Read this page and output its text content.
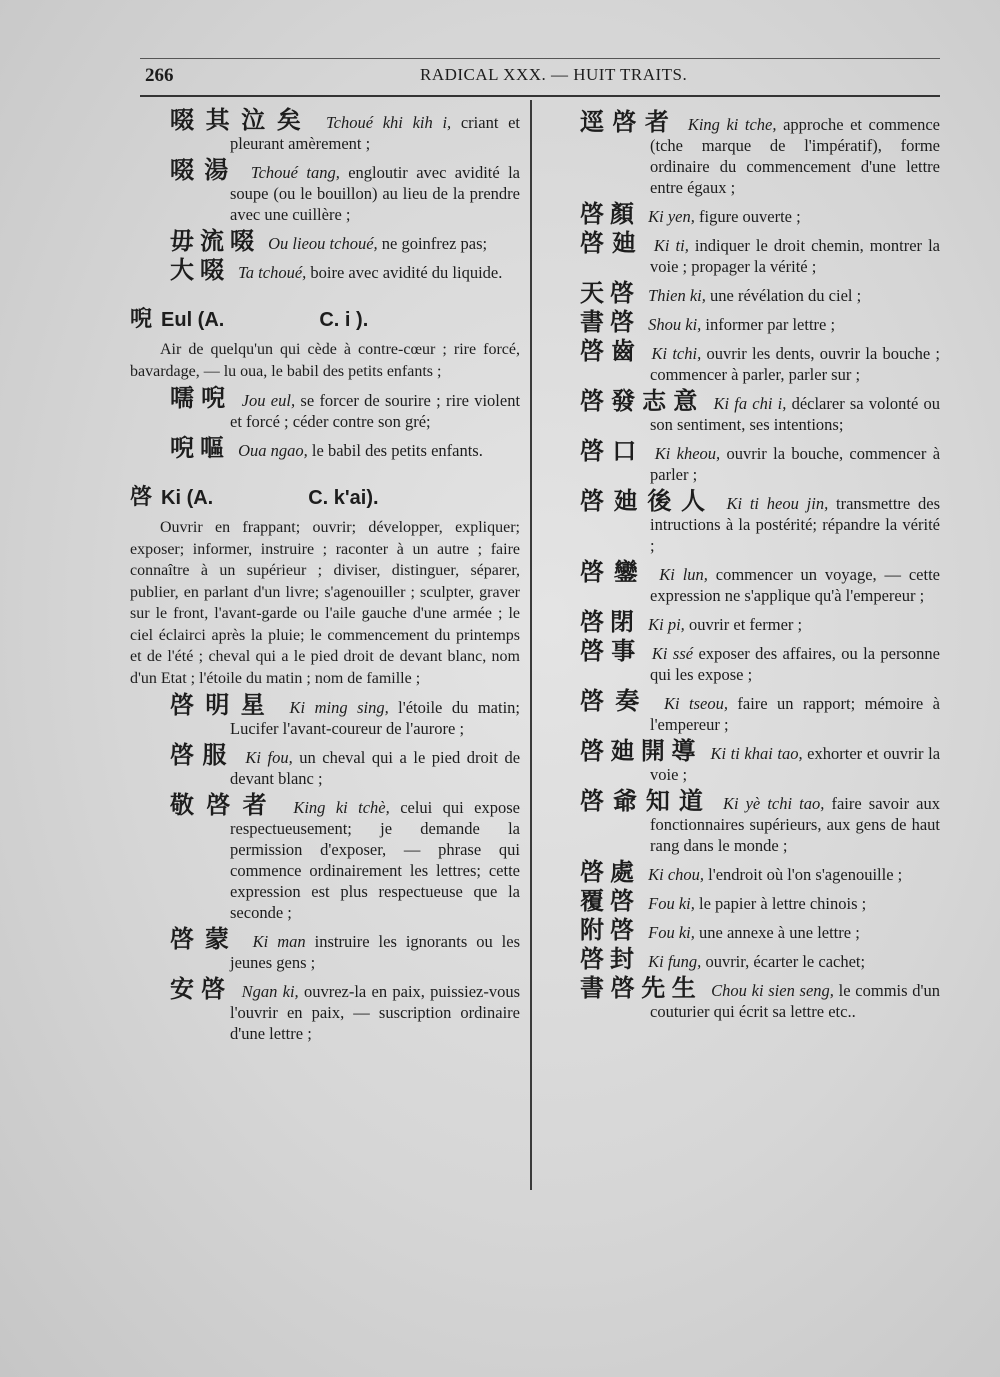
266	RADICAL XXX. — HUIT TRAITS.

啜其泣矣 Tchoué khi kih i, criant et pleurant amèrement ;

啜湯 Tchoué tang, engloutir avec avidité la soupe (ou le bouillon) au lieu de la prendre avec une cuillère ;

毋流啜 Ou lieou tchoué, ne goinfrez pas;

大啜 Ta tchoué, boire avec avidité du liquide.

唲 Eul (A.	C. i ).

Air de quelqu'un qui cède à contre-cœur ; rire forcé, bavardage, — lu oua, le babil des petits enfants ;

嚅唲 Jou eul, se forcer de sourire ; rire violent et forcé ; céder contre son gré;

唲嘔 Oua ngao, le babil des petits enfants.

啓 Ki (A.	C. k'ai).

Ouvrir en frappant; ouvrir; développer, expliquer; exposer; informer, instruire ; raconter à un autre ; faire connaître à un supérieur ; diviser, distinguer, séparer, publier, en parlant d'un livre; s'agenouiller ; sculpter, graver sur le front, l'avant-garde ou l'aile gauche d'une armée ; le ciel éclairci après la pluie; le commencement du printemps et de l'été ; cheval qui a le pied droit de devant blanc, nom d'un Etat ; l'étoile du matin ; nom de famille ;

啓明星 Ki ming sing, l'étoile du matin; Lucifer l'avant-coureur de l'aurore ;

啓服 Ki fou, un cheval qui a le pied droit de devant blanc ;

敬啓者 King ki tchè, celui qui expose respectueusement; je demande la permission d'exposer, — phrase qui commence ordinairement les lettres; cette expression est plus respectueuse que la seconde ;

啓蒙 Ki man instruire les ignorants ou les jeunes gens ;

安啓 Ngan ki, ouvrez-la en paix, puissiez-vous l'ouvrir en paix, — suscription ordinaire d'une lettre ;

逕啓者 King ki tche, approche et commence (tche marque de l'impératif), forme ordinaire du commencement d'une lettre entre égaux ;

啓顏 Ki yen, figure ouverte ;

啓廸 Ki ti, indiquer le droit chemin, montrer la voie ; propager la vérité ;

天啓 Thien ki, une révélation du ciel ;

書啓 Shou ki, informer par lettre ;

啓齒 Ki tchi, ouvrir les dents, ouvrir la bouche ; commencer à parler, parler sur ;

啓發志意 Ki fa chi i, déclarer sa volonté ou son sentiment, ses intentions;

啓口 Ki kheou, ouvrir la bouche, commencer à parler ;

啓廸後人 Ki ti heou jin, transmettre des intructions à la postérité; répandre la vérité ;

啓鑾 Ki lun, commencer un voyage, — cette expression ne s'applique qu'à l'empereur ;

啓閉 Ki pi, ouvrir et fermer ;

啓事 Ki ssé exposer des affaires, ou la personne qui les expose ;

啓奏 Ki tseou, faire un rapport; mémoire à l'empereur ;

啓廸開導 Ki ti khai tao, exhorter et ouvrir la voie ;

啓爺知道 Ki yè tchi tao, faire savoir aux fonctionnaires supérieurs, aux gens de haut rang dans le monde ;

啓處 Ki chou, l'endroit où l'on s'agenouille ;

覆啓 Fou ki, le papier à lettre chinois ;

附啓 Fou ki, une annexe à une lettre ;

啓封 Ki fung, ouvrir, écarter le cachet;

書啓先生 Chou ki sien seng, le commis d'un couturier qui écrit sa lettre etc..
